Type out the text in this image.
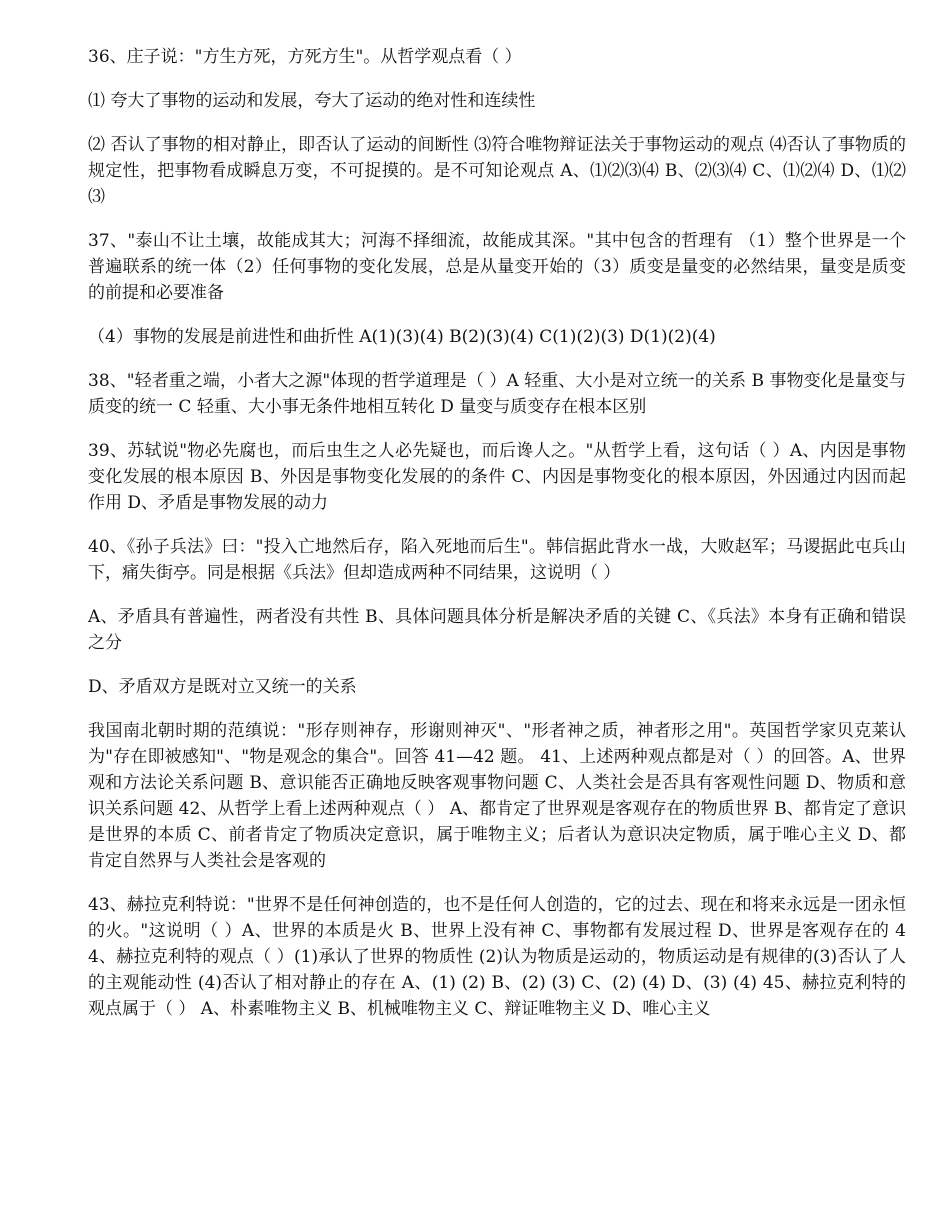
36、庄子说："方生方死，方死方生"。从哲学观点看（ ）

⑴ 夸大了事物的运动和发展，夸大了运动的绝对性和连续性

⑵ 否认了事物的相对静止，即否认了运动的间断性 ⑶符合唯物辩证法关于事物运动的观点 ⑷否认了事物质的规定性，把事物看成瞬息万变，不可捉摸的。是不可知论观点 A、⑴⑵⑶⑷ B、⑵⑶⑷ C、⑴⑵⑷ D、⑴⑵⑶

37、"泰山不让土壤，故能成其大；河海不择细流，故能成其深。"其中包含的哲理有 （1）整个世界是一个普遍联系的统一体（2）任何事物的变化发展，总是从量变开始的（3）质变是量变的必然结果，量变是质变的前提和必要准备

（4）事物的发展是前进性和曲折性 A(1)(3)(4) B(2)(3)(4) C(1)(2)(3) D(1)(2)(4)

38、"轻者重之端，小者大之源"体现的哲学道理是（ ）A 轻重、大小是对立统一的关系 B 事物变化是量变与质变的统一 C 轻重、大小事无条件地相互转化 D 量变与质变存在根本区别

39、苏轼说"物必先腐也，而后虫生之人必先疑也，而后谗人之。"从哲学上看，这句话（ ）A、内因是事物变化发展的根本原因 B、外因是事物变化发展的的条件 C、内因是事物变化的根本原因，外因通过内因而起作用 D、矛盾是事物发展的动力

40、《孙子兵法》曰："投入亡地然后存，陷入死地而后生"。韩信据此背水一战，大败赵军；马谡据此屯兵山下，痛失街亭。同是根据《兵法》但却造成两种不同结果，这说明（ ）

A、矛盾具有普遍性，两者没有共性 B、具体问题具体分析是解决矛盾的关键 C、《兵法》本身有正确和错误之分

D、矛盾双方是既对立又统一的关系

我国南北朝时期的范缜说："形存则神存，形谢则神灭"、"形者神之质，神者形之用"。英国哲学家贝克莱认为"存在即被感知"、"物是观念的集合"。回答 41—42 题。 41、上述两种观点都是对（ ）的回答。A、世界观和方法论关系问题 B、意识能否正确地反映客观事物问题 C、人类社会是否具有客观性问题 D、物质和意识关系问题 42、从哲学上看上述两种观点（ ） A、都肯定了世界观是客观存在的物质世界 B、都肯定了意识是世界的本质 C、前者肯定了物质决定意识，属于唯物主义；后者认为意识决定物质，属于唯心主义 D、都肯定自然界与人类社会是客观的

43、赫拉克利特说："世界不是任何神创造的，也不是任何人创造的，它的过去、现在和将来永远是一团永恒的火。"这说明（ ）A、世界的本质是火 B、世界上没有神 C、事物都有发展过程 D、世界是客观存在的 44、赫拉克利特的观点（ ）(1)承认了世界的物质性 (2)认为物质是运动的，物质运动是有规律的(3)否认了人的主观能动性 (4)否认了相对静止的存在 A、(1) (2) B、(2) (3) C、(2) (4) D、(3) (4) 45、赫拉克利特的观点属于（ ） A、朴素唯物主义 B、机械唯物主义 C、辩证唯物主义 D、唯心主义
